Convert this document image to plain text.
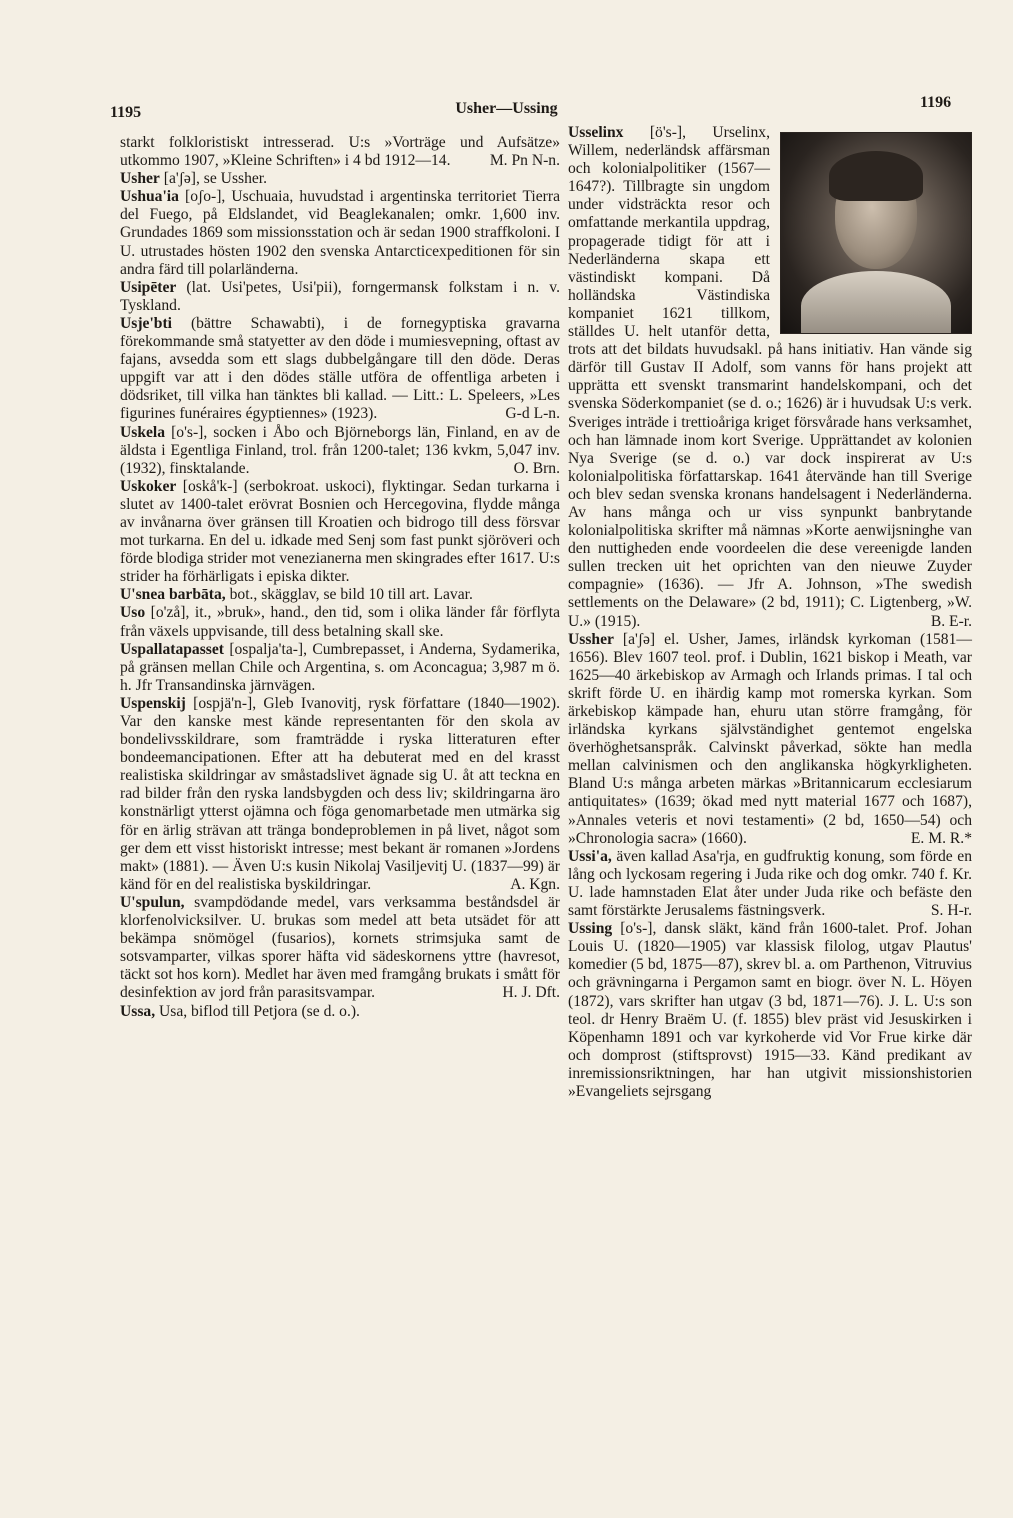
1195	Usher—Ussing	1196

starkt folkloristiskt intresserad. U:s »Vorträge und Aufsätze» utkommo 1907, »Kleine Schriften» i 4 bd 1912—14.	M. Pn N-n.

Usher [a'ʃə], se Ussher.

Ushua'ia [oʃo-], Uschuaia, huvudstad i argentinska territoriet Tierra del Fuego, på Eldslandet, vid Beaglekanalen; omkr. 1,600 inv. Grundades 1869 som missionsstation och är sedan 1900 straffkoloni. I U. utrustades hösten 1902 den svenska Antarcticexpeditionen för sin andra färd till polarländerna.

Usipēter (lat. Usi'petes, Usi'pii), forngermansk folkstam i n. v. Tyskland.

Usje'bti (bättre Schawabti), i de fornegyptiska gravarna förekommande små statyetter av den döde i mumiesvepning, oftast av fajans, avsedda som ett slags dubbelgångare till den döde. Deras uppgift var att i den dödes ställe utföra de offentliga arbeten i dödsriket, till vilka han tänktes bli kallad. — Litt.: L. Speleers, »Les figurines funéraires égyptiennes» (1923).	G-d L-n.

Uskela [o's-], socken i Åbo och Björneborgs län, Finland, en av de äldsta i Egentliga Finland, trol. från 1200-talet; 136 kvkm, 5,047 inv. (1932), finsktalande.	O. Brn.

Uskoker [oskå'k-] (serbokroat. uskoci), flyktingar. Sedan turkarna i slutet av 1400-talet erövrat Bosnien och Hercegovina, flydde många av invånarna över gränsen till Kroatien och bidrogo till dess försvar mot turkarna. En del u. idkade med Senj som fast punkt sjöröveri och förde blodiga strider mot venezianerna men skingrades efter 1617. U:s strider ha förhärligats i episka dikter.

U'snea barbāta, bot., skägglav, se bild 10 till art. Lavar.

Uso [o'zå], it., »bruk», hand., den tid, som i olika länder får förflyta från växels uppvisande, till dess betalning skall ske.

Uspallatapasset [ospalja'ta-], Cumbrepasset, i Anderna, Sydamerika, på gränsen mellan Chile och Argentina, s. om Aconcagua; 3,987 m ö. h. Jfr Transandinska järnvägen.

Uspenskij [ospjä'n-], Gleb Ivanovitj, rysk författare (1840—1902). Var den kanske mest kände representanten för den skola av bondelivsskildrare, som framträdde i ryska litteraturen efter bondeemancipationen. Efter att ha debuterat med en del krasst realistiska skildringar av småstadslivet ägnade sig U. åt att teckna en rad bilder från den ryska landsbygden och dess liv; skildringarna äro konstnärligt ytterst ojämna och föga genomarbetade men utmärka sig för en ärlig strävan att tränga bondeproblemen in på livet, något som ger dem ett visst historiskt intresse; mest bekant är romanen »Jordens makt» (1881). — Även U:s kusin Nikolaj Vasiljevitj U. (1837—99) är känd för en del realistiska byskildringar.	A. Kgn.

U'spulun, svampdödande medel, vars verksamma beståndsdel är klorfenolvicksilver. U. brukas som medel att beta utsädet för att bekämpa snömögel (fusarios), kornets strimsjuka samt de sotsvamparter, vilkas sporer häfta vid sädeskornens yttre (havresot, täckt sot hos korn). Medlet har även med framgång brukats i smått för desinfektion av jord från parasitsvampar.	H. J. Dft.

Ussa, Usa, biflod till Petjora (se d. o.).

Usselinx [ö's-], Urselinx, Willem, nederländsk affärsman och kolonialpolitiker (1567—1647?). Tillbragte sin ungdom under vidsträckta resor och omfattande merkantila uppdrag, propagerade tidigt för att i Nederländerna skapa ett västindiskt kompani. Då holländska Västindiska kompaniet 1621 tillkom, ställdes U. helt utanför detta, trots att det bildats huvudsakl. på hans initiativ. Han vände sig därför till Gustav II Adolf, som vanns för hans projekt att upprätta ett svenskt transmarint handelskompani, och det svenska Söderkompaniet (se d. o.; 1626) är i huvudsak U:s verk. Sveriges inträde i trettioåriga kriget försvårade hans verksamhet, och han lämnade inom kort Sverige. Upprättandet av kolonien Nya Sverige (se d. o.) var dock inspirerat av U:s kolonialpolitiska författarskap. 1641 återvände han till Sverige och blev sedan svenska kronans handelsagent i Nederländerna. Av hans många och ur viss synpunkt banbrytande kolonialpolitiska skrifter må nämnas »Korte aenwijsninghe van den nuttigheden ende voordeelen die dese vereenigde landen sullen trecken uit het oprichten van den nieuwe Zuyder compagnie» (1636). — Jfr A. Johnson, »The swedish settlements on the Delaware» (2 bd, 1911); C. Ligtenberg, »W. U.» (1915).	B. E-r.

Ussher [a'ʃə] el. Usher, James, irländsk kyrkoman (1581—1656). Blev 1607 teol. prof. i Dublin, 1621 biskop i Meath, var 1625—40 ärkebiskop av Armagh och Irlands primas. I tal och skrift förde U. en ihärdig kamp mot romerska kyrkan. Som ärkebiskop kämpade han, ehuru utan större framgång, för irländska kyrkans självständighet gentemot engelska överhöghetsanspråk. Calvinskt påverkad, sökte han medla mellan calvinismen och den anglikanska högkyrkligheten. Bland U:s många arbeten märkas »Britannicarum ecclesiarum antiquitates» (1639; ökad med nytt material 1677 och 1687), »Annales veteris et novi testamenti» (2 bd, 1650—54) och »Chronologia sacra» (1660).	E. M. R.*

Ussi'a, även kallad Asa'rja, en gudfruktig konung, som förde en lång och lyckosam regering i Juda rike och dog omkr. 740 f. Kr. U. lade hamnstaden Elat åter under Juda rike och befäste den samt förstärkte Jerusalems fästningsverk.	S. H-r.

Ussing [o's-], dansk släkt, känd från 1600-talet. Prof. Johan Louis U. (1820—1905) var klassisk filolog, utgav Plautus' komedier (5 bd, 1875—87), skrev bl. a. om Parthenon, Vitruvius och grävningarna i Pergamon samt en biogr. över N. L. Höyen (1872), vars skrifter han utgav (3 bd, 1871—76). J. L. U:s son teol. dr Henry Braëm U. (f. 1855) blev präst vid Jesuskirken i Köpenhamn 1891 och var kyrkoherde vid Vor Frue kirke där och domprost (stiftsprovst) 1915—33. Känd predikant av inremissionsriktningen, har han utgivit missionshistorien »Evangeliets sejrsgang
